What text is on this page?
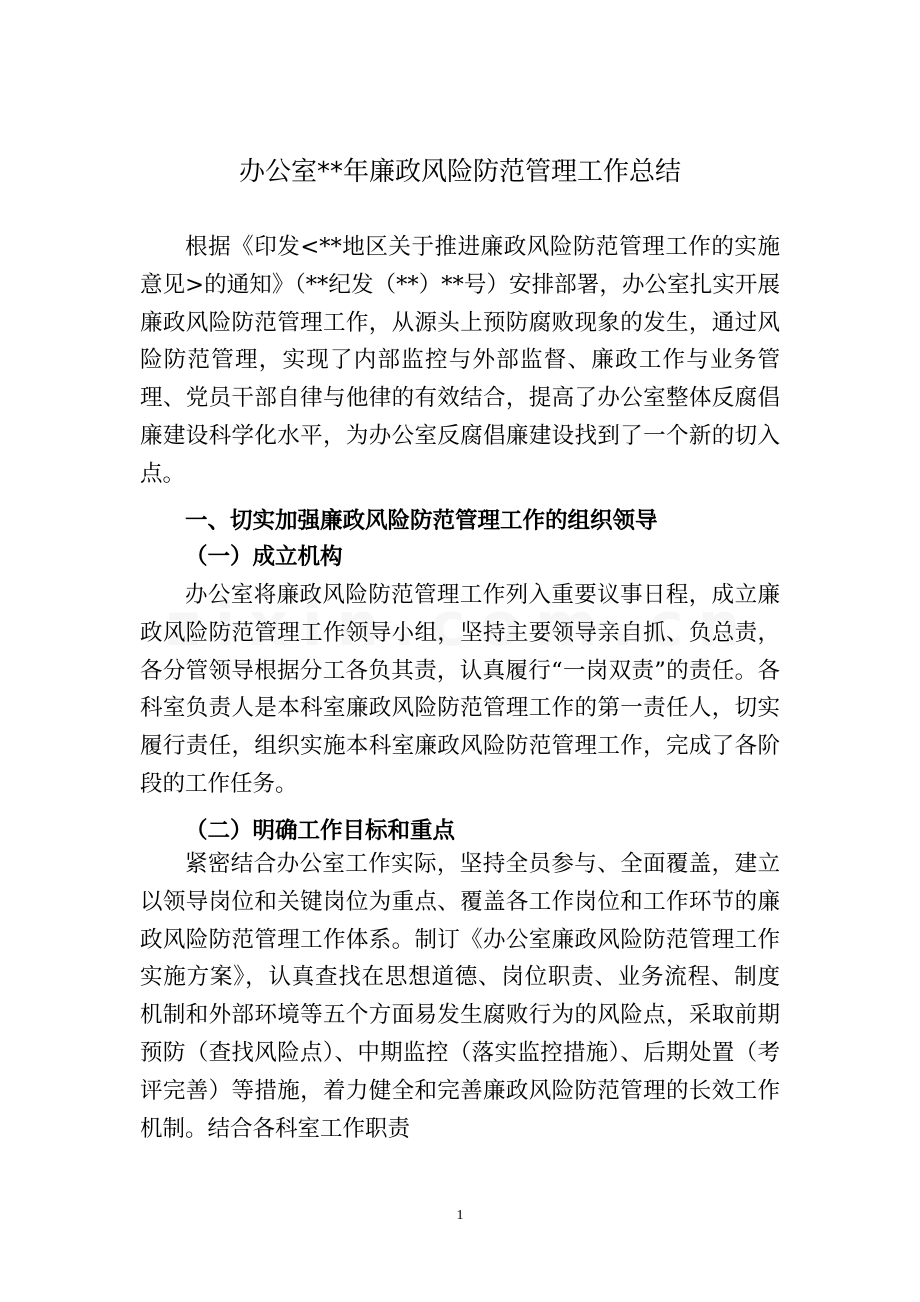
办公室**年廉政风险防范管理工作总结

根据《印发<**地区关于推进廉政风险防范管理工作的实施意见>的通知》（**纪发（**）**号）安排部署，办公室扎实开展廉政风险防范管理工作，从源头上预防腐败现象的发生，通过风险防范管理，实现了内部监控与外部监督、廉政工作与业务管理、党员干部自律与他律的有效结合，提高了办公室整体反腐倡廉建设科学化水平，为办公室反腐倡廉建设找到了一个新的切入点。

一、切实加强廉政风险防范管理工作的组织领导

（一）成立机构

办公室将廉政风险防范管理工作列入重要议事日程，成立廉政风险防范管理工作领导小组，坚持主要领导亲自抓、负总责，各分管领导根据分工各负其责，认真履行“一岗双责”的责任。各科室负责人是本科室廉政风险防范管理工作的第一责任人，切实履行责任，组织实施本科室廉政风险防范管理工作，完成了各阶段的工作任务。

（二）明确工作目标和重点

紧密结合办公室工作实际，坚持全员参与、全面覆盖，建立以领导岗位和关键岗位为重点、覆盖各工作岗位和工作环节的廉政风险防范管理工作体系。制订《办公室廉政风险防范管理工作实施方案》，认真查找在思想道德、岗位职责、业务流程、制度机制和外部环境等五个方面易发生腐败行为的风险点，采取前期预防（查找风险点）、中期监控（落实监控措施）、后期处置（考评完善）等措施，着力健全和完善廉政风险防范管理的长效工作机制。结合各科室工作职责

1
